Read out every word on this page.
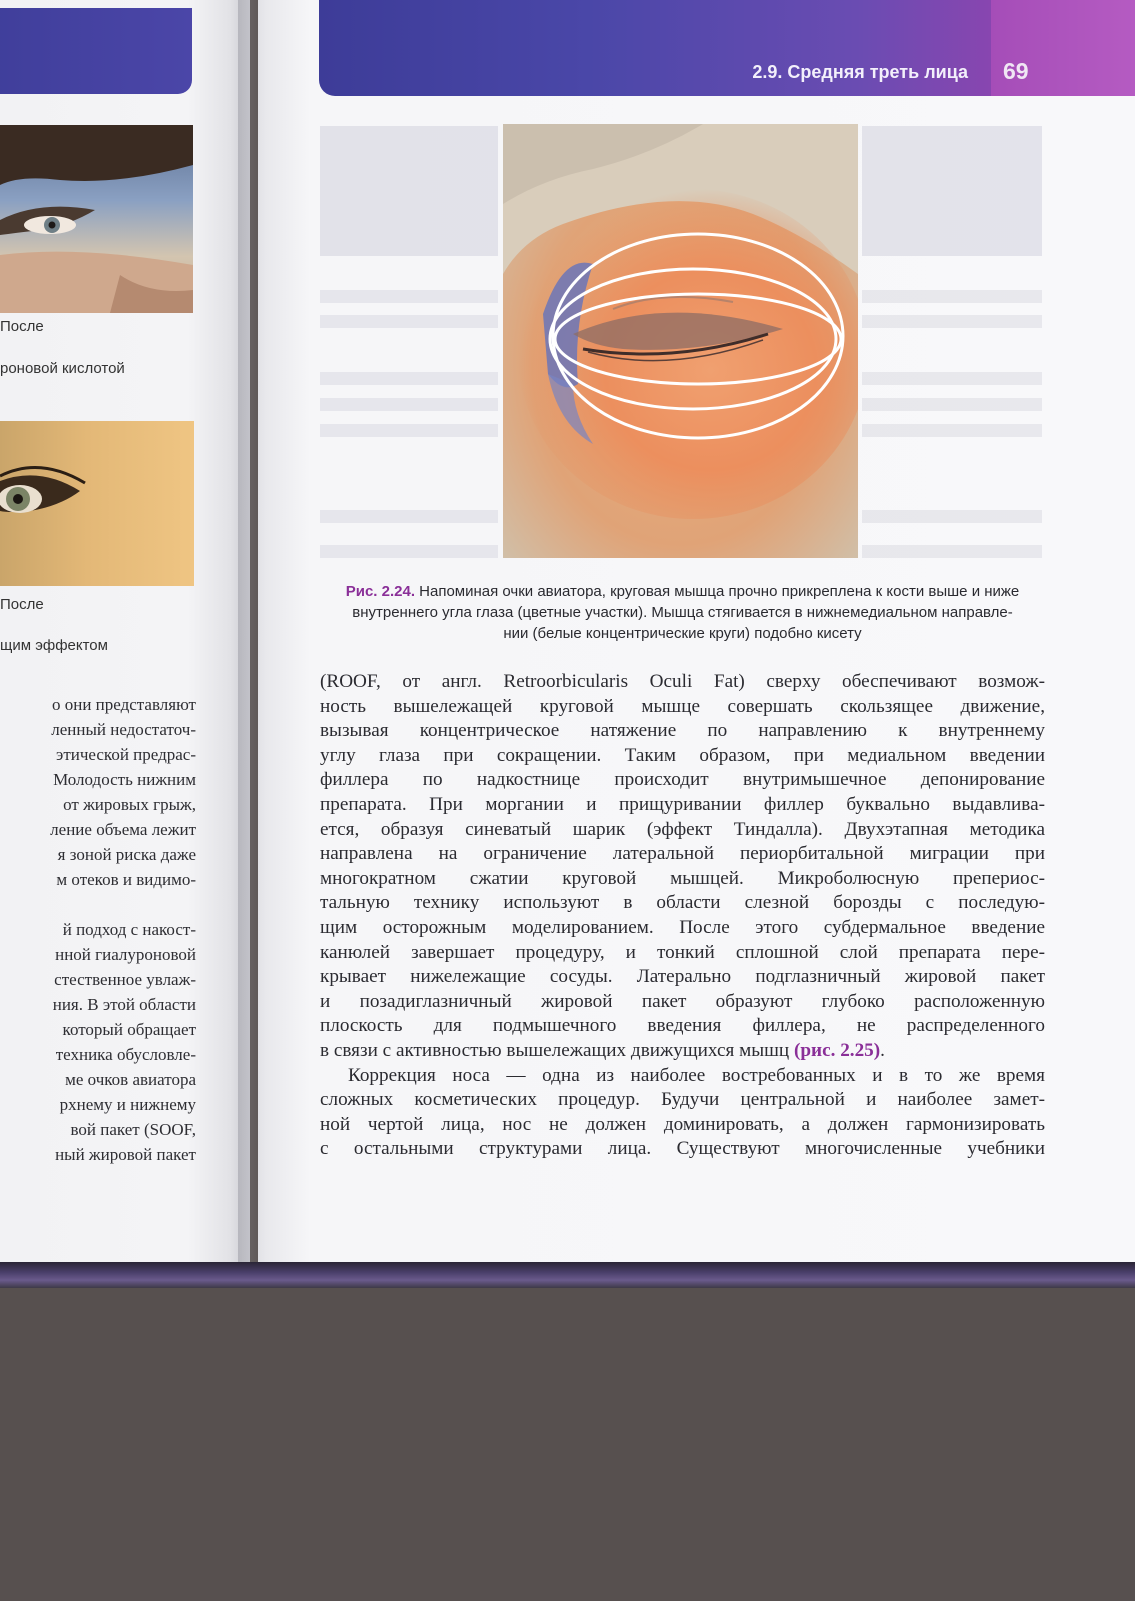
После
роновой кислотой
После
щим эффектом
о они представляют
ленный недостаточ-
этической предрас-
Молодость нижним
от жировых грыж,
ление объема лежит
я зоной риска даже
м отеков и видимо-
й подход с накост-
нной гиалуроновой
стественное увлаж-
ния. В этой области
который обращает
техника обусловле-
ме очков авиатора
рхнему и нижнему
вой пакет (SOOF,
ный жировой пакет
2.9. Средняя треть лица 69
Рис. 2.24. Напоминая очки авиатора, круговая мышца прочно прикреплена к кости выше и ниже
внутреннего угла глаза (цветные участки). Мышца стягивается в нижнемедиальном направле-
нии (белые концентрические круги) подобно кисету
(ROOF, от англ. Retroorbicularis Oculi Fat) сверху обеспечивают возмож-
ность вышележащей круговой мышце совершать скользящее движение,
вызывая концентрическое натяжение по направлению к внутреннему
углу глаза при сокращении. Таким образом, при медиальном введении
филлера по надкостнице происходит внутримышечное депонирование
препарата. При моргании и прищуривании филлер буквально выдавлива-
ется, образуя синеватый шарик (эффект Тиндалла). Двухэтапная методика
направлена на ограничение латеральной периорбитальной миграции при
многократном сжатии круговой мышцей. Микроболюсную препериос-
тальную технику используют в области слезной борозды с последую-
щим осторожным моделированием. После этого субдермальное введение
канюлей завершает процедуру, и тонкий сплошной слой препарата пере-
крывает нижележащие сосуды. Латерально подглазничный жировой пакет
и позадиглазничный жировой пакет образуют глубоко расположенную
плоскость для подмышечного введения филлера, не распределенного
в связи с активностью вышележащих движущихся мышц (рис. 2.25).
Коррекция носа — одна из наиболее востребованных и в то же время
сложных косметических процедур. Будучи центральной и наиболее замет-
ной чертой лица, нос не должен доминировать, а должен гармонизировать
с остальными структурами лица. Существуют многочисленные учебники
